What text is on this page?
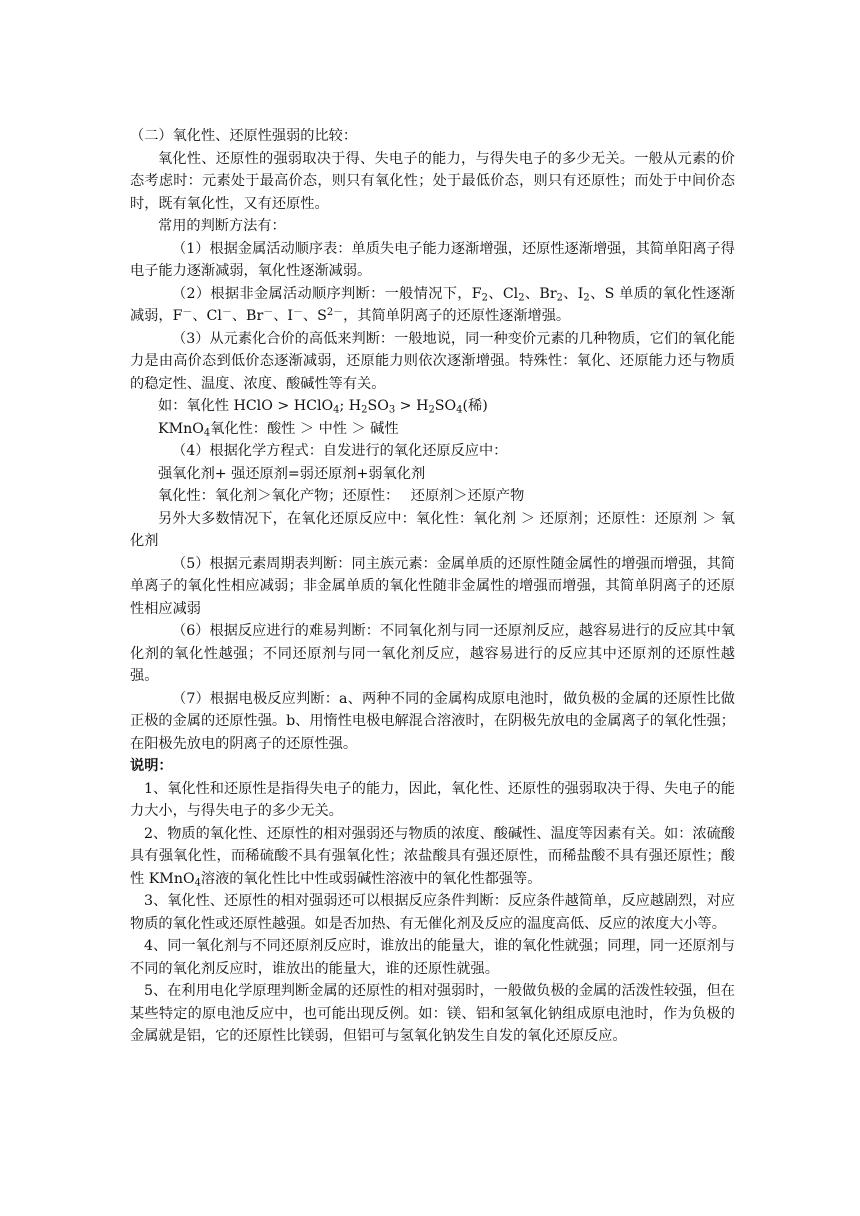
（二）氧化性、还原性强弱的比较：

氧化性、还原性的强弱取决于得、失电子的能力，与得失电子的多少无关。一般从元素的价态考虑时：元素处于最高价态，则只有氧化性；处于最低价态，则只有还原性；而处于中间价态时，既有氧化性，又有还原性。

常用的判断方法有：

（1）根据金属活动顺序表：单质失电子能力逐渐增强，还原性逐渐增强，其简单阳离子得电子能力逐渐减弱，氧化性逐渐减弱。

（2）根据非金属活动顺序判断：一般情况下，$F_2$、$Cl_2$、$Br_2$、$I_2$、S 单质的氧化性逐渐减弱，F－、Cl－、Br－、I－、$S^{2-}$，其简单阴离子的还原性逐渐增强。

（3）从元素化合价的高低来判断：一般地说，同一种变价元素的几种物质，它们的氧化能力是由高价态到低价态逐渐减弱，还原能力则依次逐渐增强。特殊性：氧化、还原能力还与物质的稳定性、温度、浓度、酸碱性等有关。

如：氧化性 HClO > HClO$_4$; $H_2SO_3 > H_2SO_4$(稀)

KMnO$_4$氧化性：酸性 ＞ 中性 ＞ 碱性

（4）根据化学方程式：自发进行的氧化还原反应中：

强氧化剂+ 强还原剂=弱还原剂+弱氧化剂

氧化性：氧化剂＞氧化产物；还原性：　 还原剂＞还原产物

另外大多数情况下，在氧化还原反应中：氧化性：氧化剂 ＞ 还原剂；还原性：还原剂 ＞ 氧化剂

（5）根据元素周期表判断：同主族元素：金属单质的还原性随金属性的增强而增强，其简单离子的氧化性相应减弱；非金属单质的氧化性随非金属性的增强而增强，其简单阴离子的还原性相应减弱

（6）根据反应进行的难易判断：不同氧化剂与同一还原剂反应，越容易进行的反应其中氧化剂的氧化性越强；不同还原剂与同一氧化剂反应，越容易进行的反应其中还原剂的还原性越强。

（7）根据电极反应判断：a、两种不同的金属构成原电池时，做负极的金属的还原性比做正极的金属的还原性强。b、用惰性电极电解混合溶液时，在阴极先放电的金属离子的氧化性强；在阳极先放电的阴离子的还原性强。

说明：

1、氧化性和还原性是指得失电子的能力，因此，氧化性、还原性的强弱取决于得、失电子的能力大小，与得失电子的多少无关。

2、物质的氧化性、还原性的相对强弱还与物质的浓度、酸碱性、温度等因素有关。如：浓硫酸具有强氧化性，而稀硫酸不具有强氧化性；浓盐酸具有强还原性，而稀盐酸不具有强还原性；酸性 KMnO$_4$溶液的氧化性比中性或弱碱性溶液中的氧化性都强等。

3、氧化性、还原性的相对强弱还可以根据反应条件判断：反应条件越简单，反应越剧烈，对应物质的氧化性或还原性越强。如是否加热、有无催化剂及反应的温度高低、反应的浓度大小等。

4、同一氧化剂与不同还原剂反应时，谁放出的能量大，谁的氧化性就强；同理，同一还原剂与不同的氧化剂反应时，谁放出的能量大，谁的还原性就强。

5、在利用电化学原理判断金属的还原性的相对强弱时，一般做负极的金属的活泼性较强，但在某些特定的原电池反应中，也可能出现反例。如：镁、铝和氢氧化钠组成原电池时，作为负极的金属就是铝，它的还原性比镁弱，但铝可与氢氧化钠发生自发的氧化还原反应。
